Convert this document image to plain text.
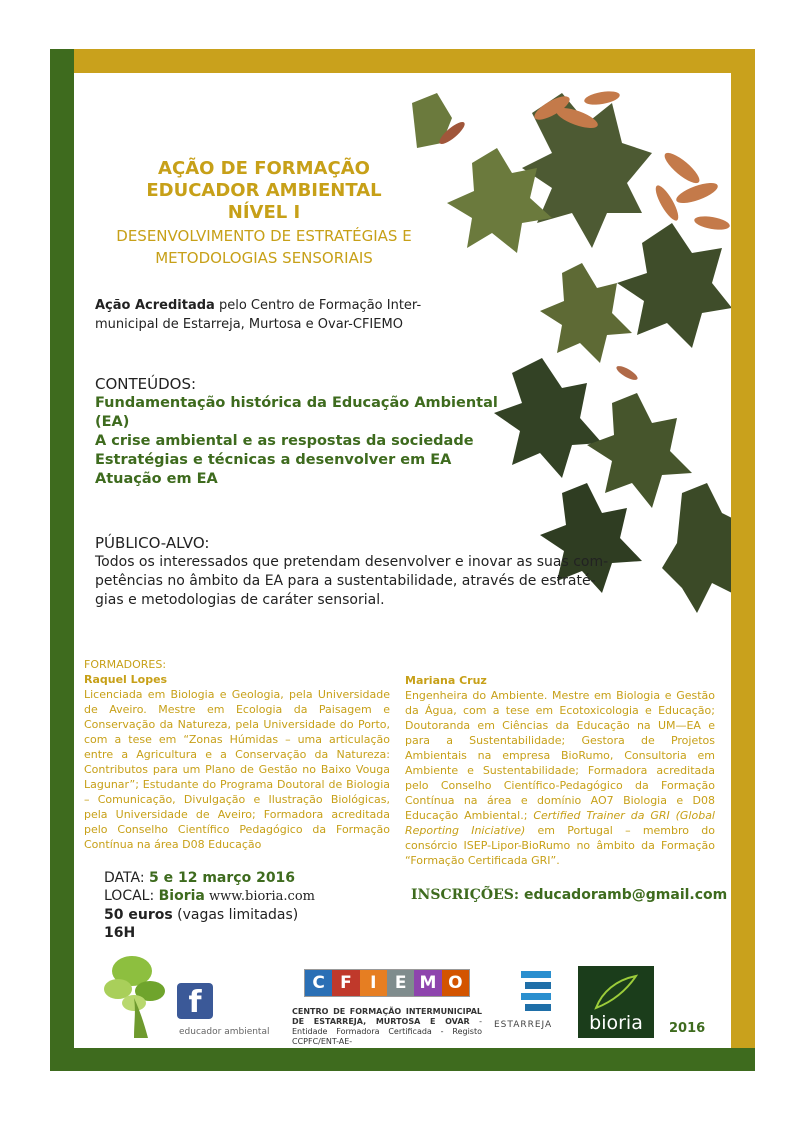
AÇÃO DE FORMAÇÃO
EDUCADOR AMBIENTAL
NÍVEL I
DESENVOLVIMENTO DE ESTRATÉGIAS E
METODOLOGIAS SENSORIAIS
Ação Acreditada pelo Centro de Formação Inter-
municipal de Estarreja, Murtosa e Ovar-CFIEMO
CONTEÚDOS:
Fundamentação histórica da Educação Ambiental
(EA)
A crise ambiental e as respostas da sociedade
Estratégias e técnicas a desenvolver em EA
Atuação em EA
PÚBLICO-ALVO:
Todos os interessados que pretendam desenvolver e inovar as suas com-
petências no âmbito da EA para a sustentabilidade, através de estraté-
gias e metodologias de caráter sensorial.
FORMADORES:
Raquel Lopes
Licenciada em Biologia e Geologia, pela Universidade de Aveiro. Mestre em Ecologia da Paisagem e Conservação da Natureza, pela Universidade do Porto, com a tese em “Zonas Húmidas – uma articulação entre a Agricultura e a Conservação da Natureza: Contributos para um Plano de Gestão no Baixo Vouga Lagunar”; Estudante do Programa Doutoral de Biologia – Comunicação, Divulgação e Ilustração Biológicas, pela Universidade de Aveiro; Formadora acreditada pelo Conselho Científico Pedagógico da Formação Contínua na área D08 Educação
Mariana Cruz
Engenheira do Ambiente. Mestre em Biologia e Gestão da Água, com a tese em Ecotoxicologia e Educação; Doutoranda em Ciências da Educação na UM—EA e para a Sustentabilidade; Gestora de Projetos Ambientais na empresa BioRumo, Consultoria em Ambiente e Sustentabilidade; Formadora acreditada pelo Conselho Científico-Pedagógico da Formação Contínua na área e domínio AO7 Biologia e D08 Educação Ambiental.; Certified Trainer da GRI (Global Reporting Iniciative) em Portugal – membro do consórcio ISEP-Lipor-BioRumo no âmbito da Formação “Formação Certificada GRI”.
DATA: 5 e 12 março 2016
LOCAL: Bioria www.bioria.com
50 euros (vagas limitadas)
16H
INSCRIÇÕES: educadoramb@gmail.com
f
educador ambiental
C F	I	E M O
CENTRO DE FORMAÇÃO INTERMUNICIPAL DE ESTARREJA, MURTOSA E OVAR - Entidade Formadora Certificada - Registo CCPFC/ENT-AE-
ESTARREJA	bioria	2016
